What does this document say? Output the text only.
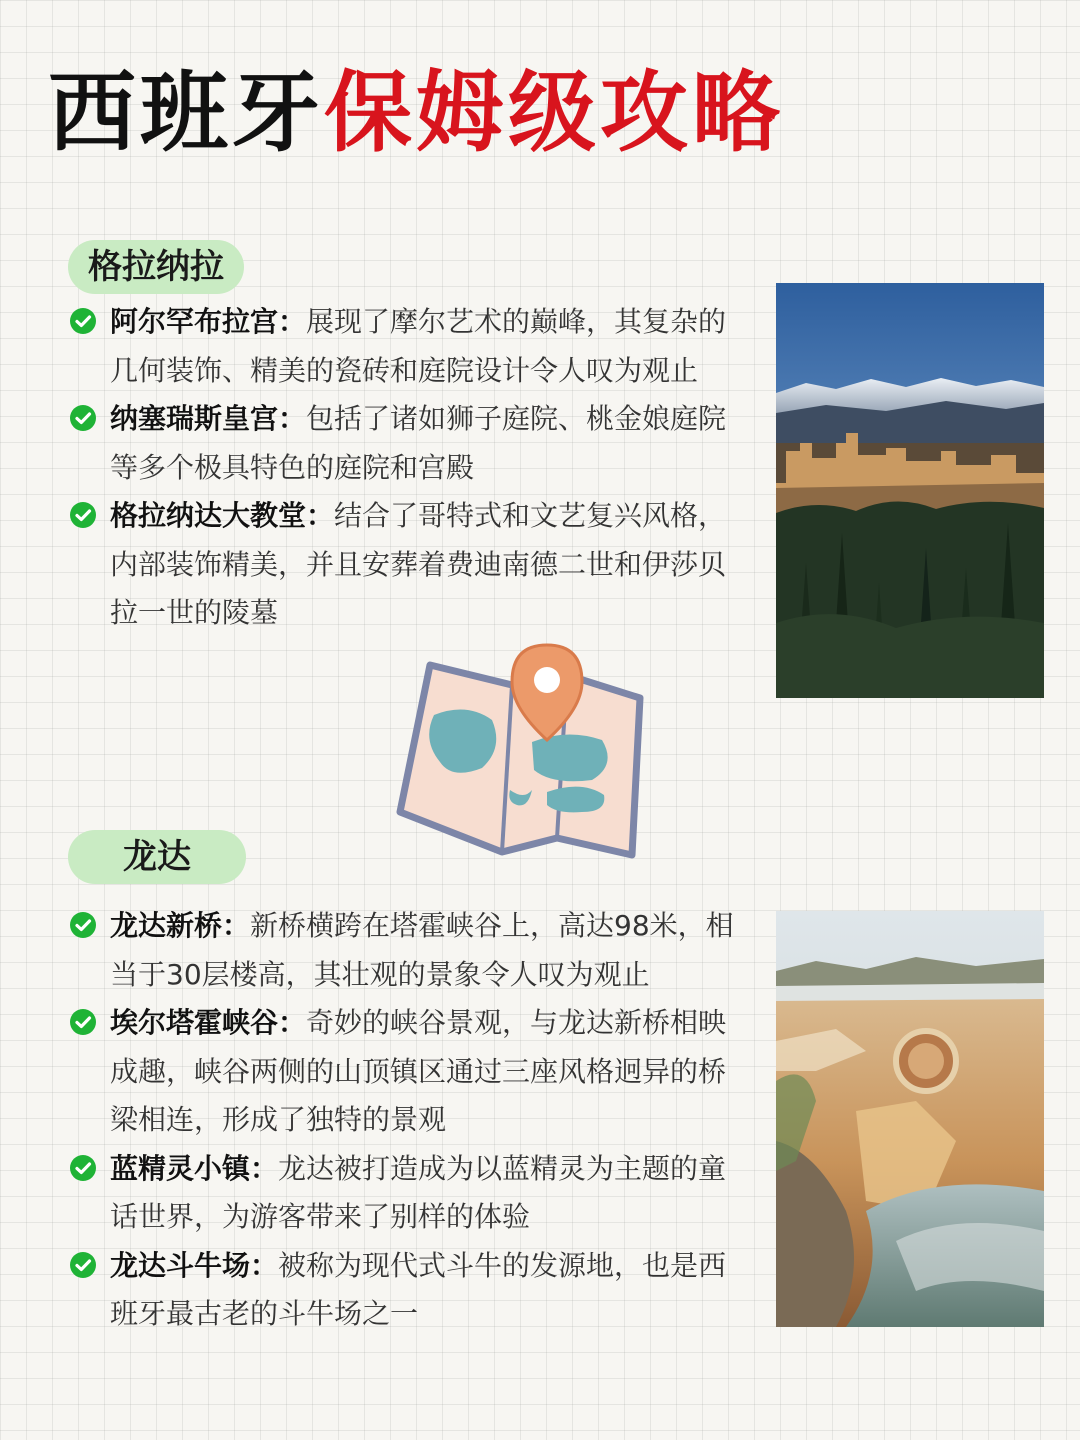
西班牙保姆级攻略
格拉纳拉
阿尔罕布拉宫：展现了摩尔艺术的巅峰，其复杂的几何装饰、精美的瓷砖和庭院设计令人叹为观止
纳塞瑞斯皇宫：包括了诸如狮子庭院、桃金娘庭院等多个极具特色的庭院和宫殿
格拉纳达大教堂：结合了哥特式和文艺复兴风格，内部装饰精美，并且安葬着费迪南德二世和伊莎贝拉一世的陵墓
龙达
龙达新桥：新桥横跨在塔霍峡谷上，高达98米，相当于30层楼高，其壮观的景象令人叹为观止
埃尔塔霍峡谷：奇妙的峡谷景观，与龙达新桥相映成趣，峡谷两侧的山顶镇区通过三座风格迥异的桥梁相连，形成了独特的景观
蓝精灵小镇：龙达被打造成为以蓝精灵为主题的童话世界，为游客带来了别样的体验
龙达斗牛场：被称为现代式斗牛的发源地，也是西班牙最古老的斗牛场之一
